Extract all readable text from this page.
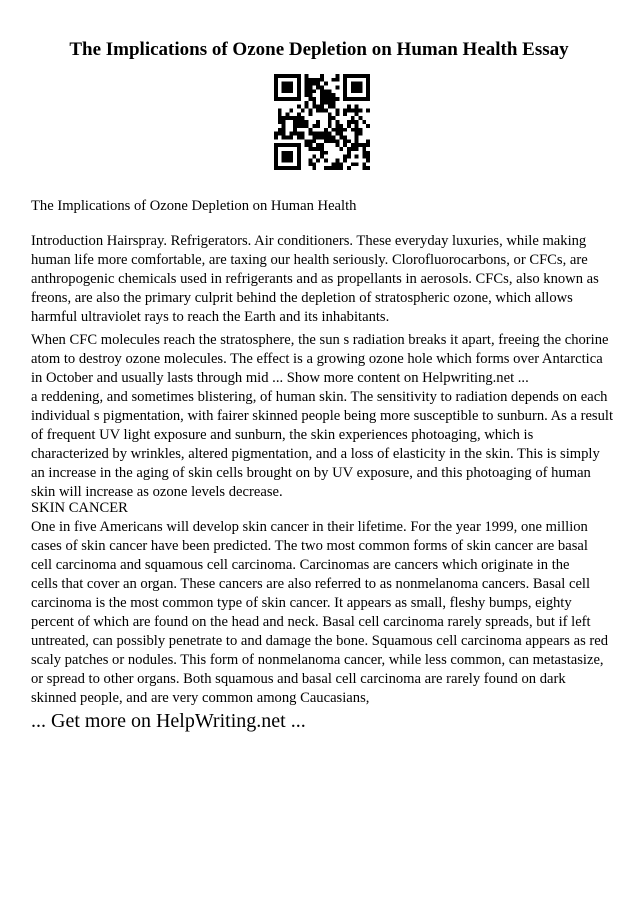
The Implications of Ozone Depletion on Human Health Essay

The Implications of Ozone Depletion on Human Health

Introduction Hairspray. Refrigerators. Air conditioners. These everyday luxuries, while making
human life more comfortable, are taxing our health seriously. Clorofluorocarbons, or CFCs, are
anthropogenic chemicals used in refrigerants and as propellants in aerosols. CFCs, also known as
freons, are also the primary culprit behind the depletion of stratospheric ozone, which allows
harmful ultraviolet rays to reach the Earth and its inhabitants.

When CFC molecules reach the stratosphere, the sun s radiation breaks it apart, freeing the chorine
atom to destroy ozone molecules. The effect is a growing ozone hole which forms over Antarctica
in October and usually lasts through mid ... Show more content on Helpwriting.net ...
a reddening, and sometimes blistering, of human skin. The sensitivity to radiation depends on each
individual s pigmentation, with fairer skinned people being more susceptible to sunburn. As a result
of frequent UV light exposure and sunburn, the skin experiences photoaging, which is
characterized by wrinkles, altered pigmentation, and a loss of elasticity in the skin. This is simply
an increase in the aging of skin cells brought on by UV exposure, and this photoaging of human
skin will increase as ozone levels decrease.

SKIN CANCER
One in five Americans will develop skin cancer in their lifetime. For the year 1999, one million
cases of skin cancer have been predicted. The two most common forms of skin cancer are basal
cell carcinoma and squamous cell carcinoma. Carcinomas are cancers which originate in the
cells that cover an organ. These cancers are also referred to as nonmelanoma cancers. Basal cell
carcinoma is the most common type of skin cancer. It appears as small, fleshy bumps, eighty
percent of which are found on the head and neck. Basal cell carcinoma rarely spreads, but if left
untreated, can possibly penetrate to and damage the bone. Squamous cell carcinoma appears as red
scaly patches or nodules. This form of nonmelanoma cancer, while less common, can metastasize,
or spread to other organs. Both squamous and basal cell carcinoma are rarely found on dark
skinned people, and are very common among Caucasians,

... Get more on HelpWriting.net ...
